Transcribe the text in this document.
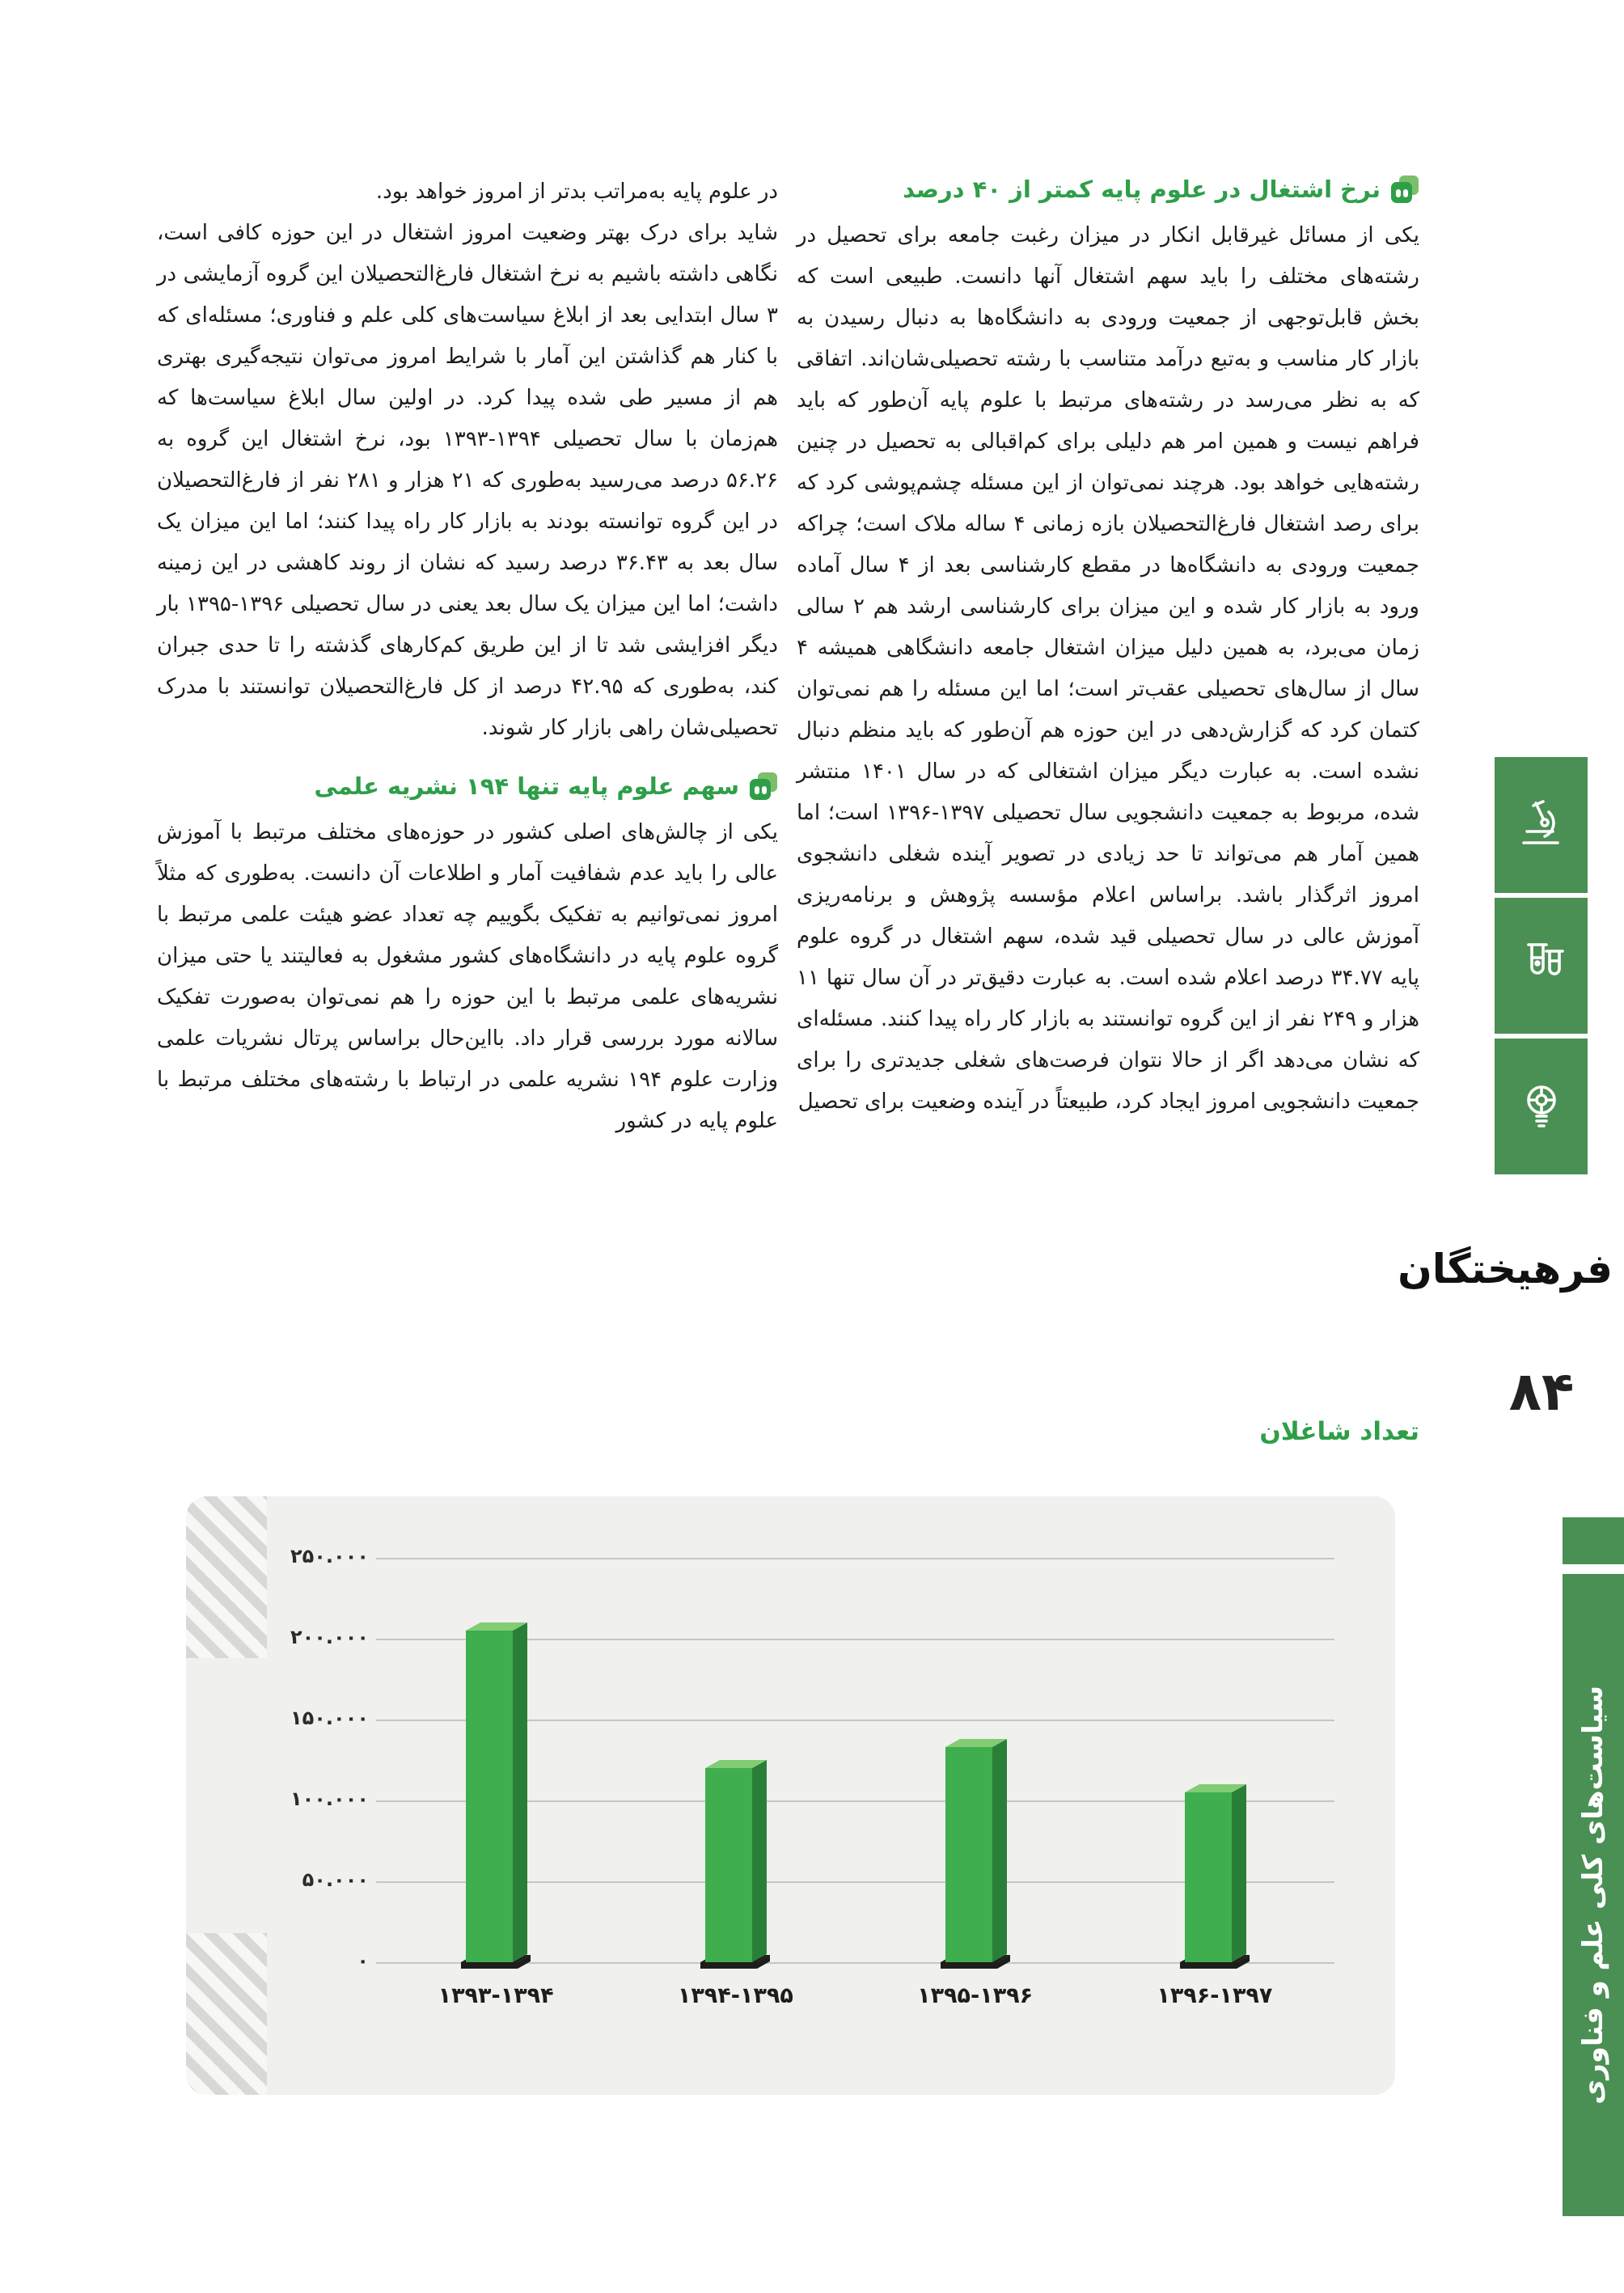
نرخ اشتغال در علوم پایه کمتر از ۴۰ درصد

یکی از مسائل غیرقابل انکار در میزان رغبت جامعه برای تحصیل در رشته‌های مختلف را باید سهم اشتغال آنها دانست. طبیعی است که بخش قابل‌توجهی از جمعیت ورودی به دانشگاه‌ها به دنبال رسیدن به بازار کار مناسب و به‌تبع درآمد متناسب با رشته تحصیلی‌شان‌اند. اتفاقی که به نظر می‌رسد در رشته‌های مرتبط با علوم پایه آن‌طور که باید فراهم نیست و همین امر هم دلیلی برای کم‌اقبالی به تحصیل در چنین رشته‌هایی خواهد بود. هرچند نمی‌توان از این مسئله چشم‌پوشی کرد که برای رصد اشتغال فارغ‌التحصیلان بازه زمانی ۴ ساله ملاک است؛ چراکه جمعیت ورودی به دانشگاه‌ها در مقطع کارشناسی بعد از ۴ سال آماده ورود به بازار کار شده و این میزان برای کارشناسی ارشد هم ۲ سالی زمان می‌برد، به همین دلیل میزان اشتغال جامعه دانشگاهی همیشه ۴ سال از سال‌های تحصیلی عقب‌تر است؛ اما این مسئله را هم نمی‌توان کتمان کرد که گزارش‌دهی در این حوزه هم آن‌طور که باید منظم دنبال نشده است. به عبارت دیگر میزان اشتغالی که در سال ۱۴۰۱ منتشر شده، مربوط به جمعیت دانشجویی سال تحصیلی ۱۳۹۷-۱۳۹۶ است؛ اما همین آمار هم می‌تواند تا حد زیادی در تصویر آینده شغلی دانشجوی امروز اثرگذار باشد. براساس اعلام مؤسسه پژوهش و برنامه‌ریزی آموزش عالی در سال تحصیلی قید شده، سهم اشتغال در گروه علوم پایه ۳۴.۷۷ درصد اعلام شده است. به عبارت دقیق‌تر در آن سال تنها ۱۱ هزار و ۲۴۹ نفر از این گروه توانستند به بازار کار راه پیدا کنند. مسئله‌ای که نشان می‌دهد اگر از حالا نتوان فرصت‌های شغلی جدیدتری را برای جمعیت دانشجویی امروز ایجاد کرد، طبیعتاً در آینده وضعیت برای تحصیل

در علوم پایه به‌مراتب بدتر از امروز خواهد بود.

شاید برای درک بهتر وضعیت امروز اشتغال در این حوزه کافی است، نگاهی داشته باشیم به نرخ اشتغال فارغ‌التحصیلان این گروه آزمایشی در ۳ سال ابتدایی بعد از ابلاغ سیاست‌های کلی علم و فناوری؛ مسئله‌ای که با کنار هم گذاشتن این آمار با شرایط امروز می‌توان نتیجه‌گیری بهتری هم از مسیر طی شده پیدا کرد. در اولین سال ابلاغ سیاست‌ها که هم‌زمان با سال تحصیلی ۱۳۹۴-۱۳۹۳ بود، نرخ اشتغال این گروه به ۵۶.۲۶ درصد می‌رسید به‌طوری که ۲۱ هزار و ۲۸۱ نفر از فارغ‌التحصیلان در این گروه توانسته بودند به بازار کار راه پیدا کنند؛ اما این میزان یک سال بعد به ۳۶.۴۳ درصد رسید که نشان از روند کاهشی در این زمینه داشت؛ اما این میزان یک سال بعد یعنی در سال تحصیلی ۱۳۹۶-۱۳۹۵ بار دیگر افزایشی شد تا از این طریق کم‌کارهای گذشته را تا حدی جبران کند، به‌طوری که ۴۲.۹۵ درصد از کل فارغ‌التحصیلان توانستند با مدرک تحصیلی‌شان راهی بازار کار شوند.

سهم علوم پایه تنها ۱۹۴ نشریه علمی

یکی از چالش‌های اصلی کشور در حوزه‌های مختلف مرتبط با آموزش عالی را باید عدم شفافیت آمار و اطلاعات آن دانست. به‌طوری که مثلاً امروز نمی‌توانیم به تفکیک بگوییم چه تعداد عضو هیئت علمی مرتبط با گروه علوم پایه در دانشگاه‌های کشور مشغول به فعالیتند یا حتی میزان نشریه‌های علمی مرتبط با این حوزه را هم نمی‌توان به‌صورت تفکیک سالانه مورد بررسی قرار داد. بااین‌حال براساس پرتال نشریات علمی وزارت علوم ۱۹۴ نشریه علمی در ارتباط با رشته‌های مختلف مرتبط با علوم پایه در کشور

فرهیختگان
۸۴
سیاست‌های کلی علم و فناوری
تعداد شاغلان
۰
۵۰.۰۰۰
۱۰۰.۰۰۰
۱۵۰.۰۰۰
۲۰۰.۰۰۰
۲۵۰.۰۰۰
۱۳۹۳-۱۳۹۴	۱۳۹۴-۱۳۹۵	۱۳۹۵-۱۳۹۶	۱۳۹۶-۱۳۹۷
